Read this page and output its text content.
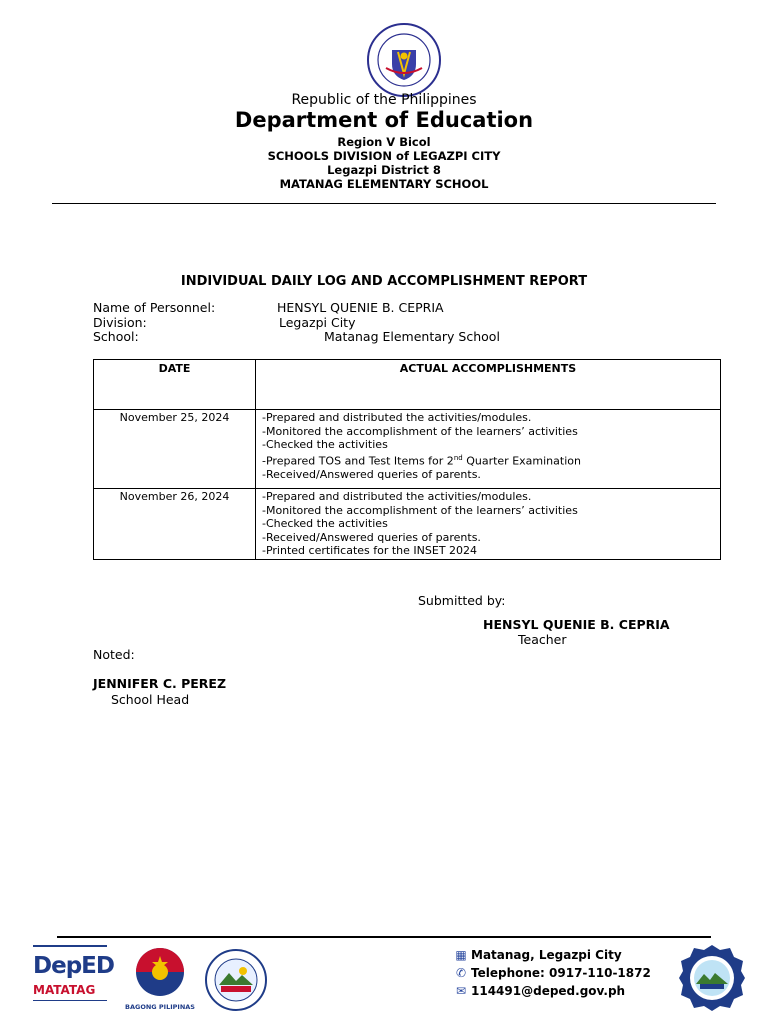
Republic of the Philippines
Department of Education
Region V Bicol
SCHOOLS DIVISION of LEGAZPI CITY
Legazpi District 8
MATANAG ELEMENTARY SCHOOL
INDIVIDUAL DAILY LOG AND ACCOMPLISHMENT REPORT
Name of Personnel:	HENSYL QUENIE B. CEPRIA
Division:	Legazpi City
School:	Matanag Elementary School
DATE	ACTUAL ACCOMPLISHMENTS
November 25, 2024	-Prepared and distributed the activities/modules.
-Monitored the accomplishment of the learners’ activities
-Checked the activities
-Prepared TOS and Test Items for 2nd Quarter Examination
-Received/Answered queries of parents.

November 26, 2024	-Prepared and distributed the activities/modules.
-Monitored the accomplishment of the learners’ activities
-Checked the activities
-Received/Answered queries of parents.
-Printed certificates for the INSET 2024
Submitted by:
HENSYL QUENIE B. CEPRIA
Teacher
Noted:
JENNIFER C. PEREZ
School Head
DepED
MATATAG
BAGONG PILIPINAS
▦ Matanag, Legazpi City
✆ Telephone: 0917-110-1872
✉ 114491@deped.gov.ph
